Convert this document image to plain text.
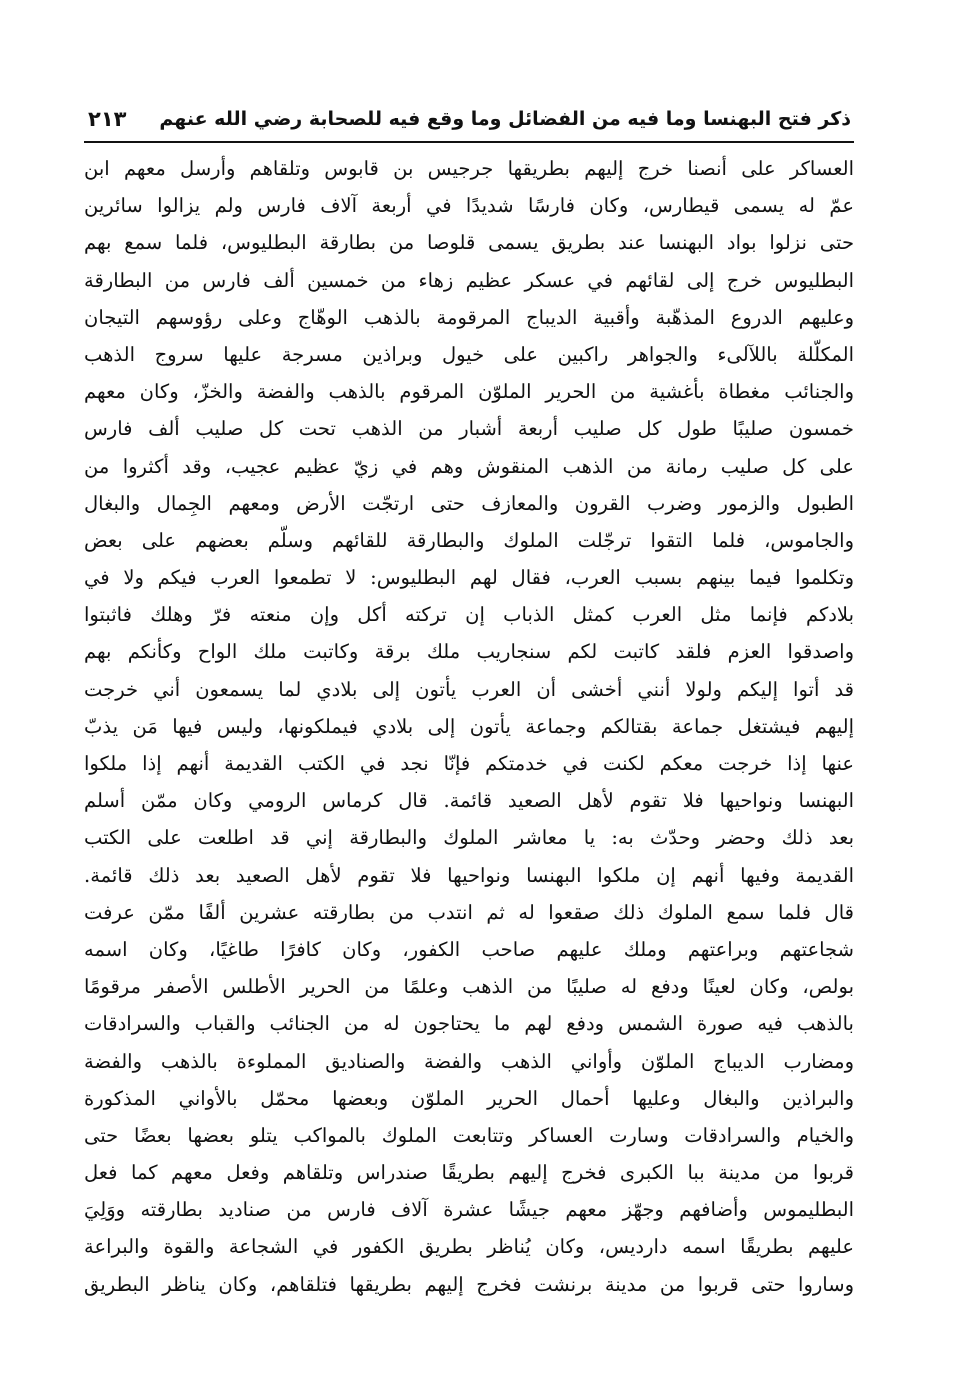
ذكر فتح البهنسا وما فيه من الفضائل وما وقع فيه للصحابة رضي الله عنهم
٢١٣
العساكر على أنصنا خرج إليهم بطريقها جرجيس بن قابوس وتلقاهم وأرسل معهم ابن
عمّ له يسمى قيطارس، وكان فارسًا شديدًا في أربعة آلاف فارس ولم يزالوا سائرين
حتى نزلوا بواد البهنسا عند بطريق يسمى قلوصا من بطارقة البطليوس، فلما سمع بهم
البطليوس خرج إلى لقائهم في عسكر عظيم زهاء من خمسين ألف فارس من البطارقة
وعليهم الدروع المذهّبة وأقبية الديباج المرقومة بالذهب الوهّاج وعلى رؤوسهم التيجان
المكلّلة باللآلىء والجواهر راكبين على خيول وبراذين مسرجة عليها سروج الذهب
والجنائب مغطاة بأغشية من الحرير الملوّن المرقوم بالذهب والفضة والخزّ، وكان معهم
خمسون صليبًا طول كل صليب أربعة أشبار من الذهب تحت كل صليب ألف فارس
على كل صليب رمانة من الذهب المنقوش وهم في زيّ عظيم عجيب، وقد أكثروا من
الطبول والزمور وضرب القرون والمعازف حتى ارتجّت الأرض ومعهم الجِمال والبغال
والجاموس، فلما التقوا ترجّلت الملوك والبطارقة للقائهم وسلّم بعضهم على بعض
وتكلموا فيما بينهم بسبب العرب، فقال لهم البطليوس: لا تطمعوا العرب فيكم ولا في
بلادكم فإنما مثل العرب كمثل الذباب إن تركته أكل وإن منعته فرّ وهلك فاثبتوا
واصدقوا العزم فلقد كاتبت لكم سنجاريب ملك برقة وكاتبت ملك الواح وكأنكم بهم
قد أتوا إليكم ولولا أنني أخشى أن العرب يأتون إلى بلادي لما يسمعون أني خرجت
إليهم فيشتغل جماعة بقتالكم وجماعة يأتون إلى بلادي فيملكونها، وليس فيها مَن يذبّ
عنها إذا خرجت معكم لكنت في خدمتكم فإنّا نجد في الكتب القديمة أنهم إذا ملكوا
البهنسا ونواحيها فلا تقوم لأهل الصعيد قائمة. قال كرماس الرومي وكان ممّن أسلم
بعد ذلك وحضر وحدّث به: يا معاشر الملوك والبطارقة إني قد اطلعت على الكتب
القديمة وفيها أنهم إن ملكوا البهنسا ونواحيها فلا تقوم لأهل الصعيد بعد ذلك قائمة.
قال فلما سمع الملوك ذلك صقعوا له ثم انتدب من بطارقته عشرين ألفًا ممّن عرفت
شجاعتهم وبراعتهم وملك عليهم صاحب الكفور، وكان كافرًا طاغيًا، وكان اسمه
بولص، وكان لعينًا ودفع له صليبًا من الذهب وعلمًا من الحرير الأطلس الأصفر مرقومًا
بالذهب فيه صورة الشمس ودفع لهم ما يحتاجون له من الجنائب والقباب والسرادقات
ومضارب الديباج الملوّن وأواني الذهب والفضة والصناديق المملوءة بالذهب والفضة
والبراذين والبغال وعليها أحمال الحرير الملوّن وبعضها محمّل بالأواني المذكورة
والخيام والسرادقات وسارت العساكر وتتابعت الملوك بالمواكب يتلو بعضها بعضًا حتى
قربوا من مدينة ببا الكبرى فخرج إليهم بطريقًا صندراس وتلقاهم وفعل معهم كما فعل
البطليموس وأضافهم وجهّز معهم جيشًا عشرة آلاف فارس من صناديد بطارقته ووَلِيَ
عليهم بطريقًا اسمه داردیس، وكان يُناظر بطريق الكفور في الشجاعة والقوة والبراعة
وساروا حتى قربوا من مدينة برنشت فخرج إليهم بطريقها فتلقاهم، وكان يناظر البطريق
